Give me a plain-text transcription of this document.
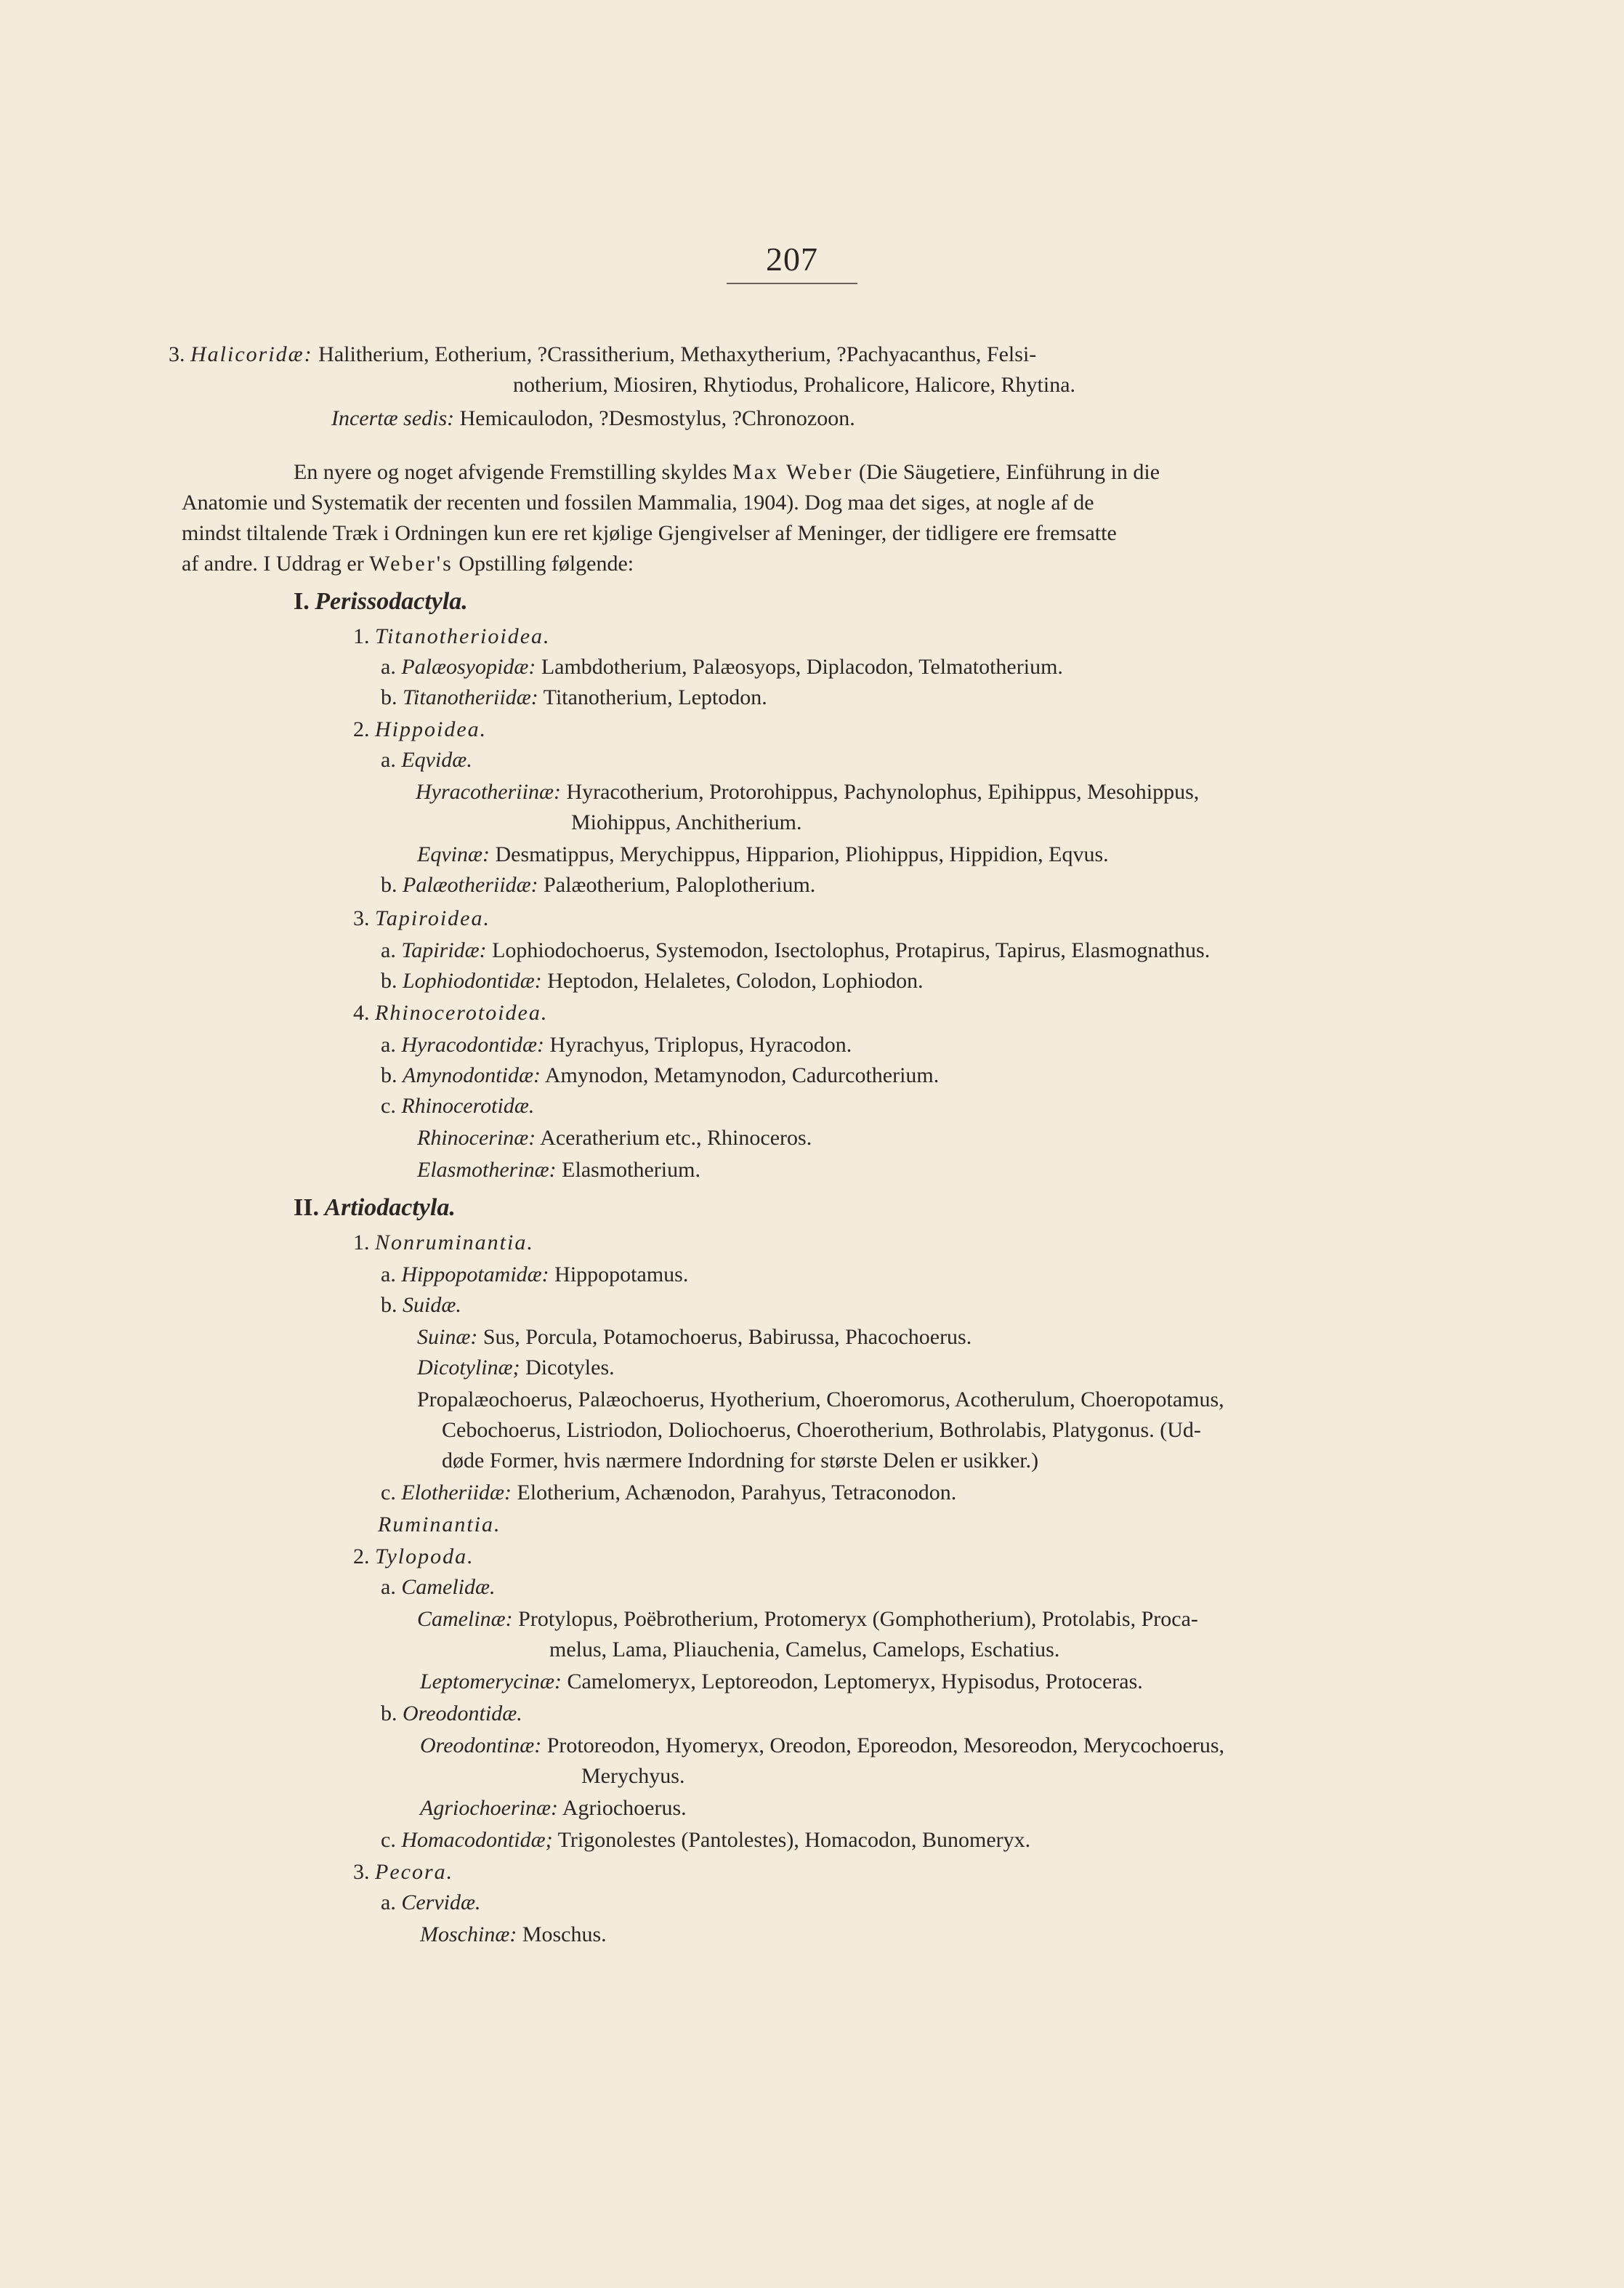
207
3. Halicoridæ: Halitherium, Eotherium, ?Crassitherium, Methaxytherium, ?Pachyacanthus, Felsi-
notherium, Miosiren, Rhytiodus, Prohalicore, Halicore, Rhytina.
Incertæ sedis: Hemicaulodon, ?Desmostylus, ?Chronozoon.
En nyere og noget afvigende Fremstilling skyldes Max Weber (Die Säugetiere, Einführung in die
Anatomie und Systematik der recenten und fossilen Mammalia, 1904). Dog maa det siges, at nogle af de
mindst tiltalende Træk i Ordningen kun ere ret kjølige Gjengivelser af Meninger, der tidligere ere fremsatte
af andre. I Uddrag er Weber's Opstilling følgende:
I. Perissodactyla.
1. Titanotherioidea.
a. Palæosyopidæ: Lambdotherium, Palæosyops, Diplacodon, Telmatotherium.
b. Titanotheriidæ: Titanotherium, Leptodon.
2. Hippoidea.
a. Eqvidæ.
Hyracotheriinæ: Hyracotherium, Protorohippus, Pachynolophus, Epihippus, Mesohippus,
Miohippus, Anchitherium.
Eqvinæ: Desmatippus, Merychippus, Hipparion, Pliohippus, Hippidion, Eqvus.
b. Palæotheriidæ: Palæotherium, Paloplotherium.
3. Tapiroidea.
a. Tapiridæ: Lophiodochoerus, Systemodon, Isectolophus, Protapirus, Tapirus, Elasmognathus.
b. Lophiodontidæ: Heptodon, Helaletes, Colodon, Lophiodon.
4. Rhinocerotoidea.
a. Hyracodontidæ: Hyrachyus, Triplopus, Hyracodon.
b. Amynodontidæ: Amynodon, Metamynodon, Cadurcotherium.
c. Rhinocerotidæ.
Rhinocerinæ: Aceratherium etc., Rhinoceros.
Elasmotherinæ: Elasmotherium.
II. Artiodactyla.
1. Nonruminantia.
a. Hippopotamidæ: Hippopotamus.
b. Suidæ.
Suinæ: Sus, Porcula, Potamochoerus, Babirussa, Phacochoerus.
Dicotylinæ; Dicotyles.
Propalæochoerus, Palæochoerus, Hyotherium, Choeromorus, Acotherulum, Choeropotamus,
Cebochoerus, Listriodon, Doliochoerus, Choerotherium, Bothrolabis, Platygonus. (Ud-
døde Former, hvis nærmere Indordning for største Delen er usikker.)
c. Elotheriidæ: Elotherium, Achænodon, Parahyus, Tetraconodon.
Ruminantia.
2. Tylopoda.
a. Camelidæ.
Camelinæ: Protylopus, Poëbrotherium, Protomeryx (Gomphotherium), Protolabis, Proca-
melus, Lama, Pliauchenia, Camelus, Camelops, Eschatius.
Leptomerycinæ: Camelomeryx, Leptoreodon, Leptomeryx, Hypisodus, Protoceras.
b. Oreodontidæ.
Oreodontinæ: Protoreodon, Hyomeryx, Oreodon, Eporeodon, Mesoreodon, Merycochoerus,
Merychyus.
Agriochoerinæ: Agriochoerus.
c. Homacodontidæ; Trigonolestes (Pantolestes), Homacodon, Bunomeryx.
3. Pecora.
a. Cervidæ.
Moschinæ: Moschus.
